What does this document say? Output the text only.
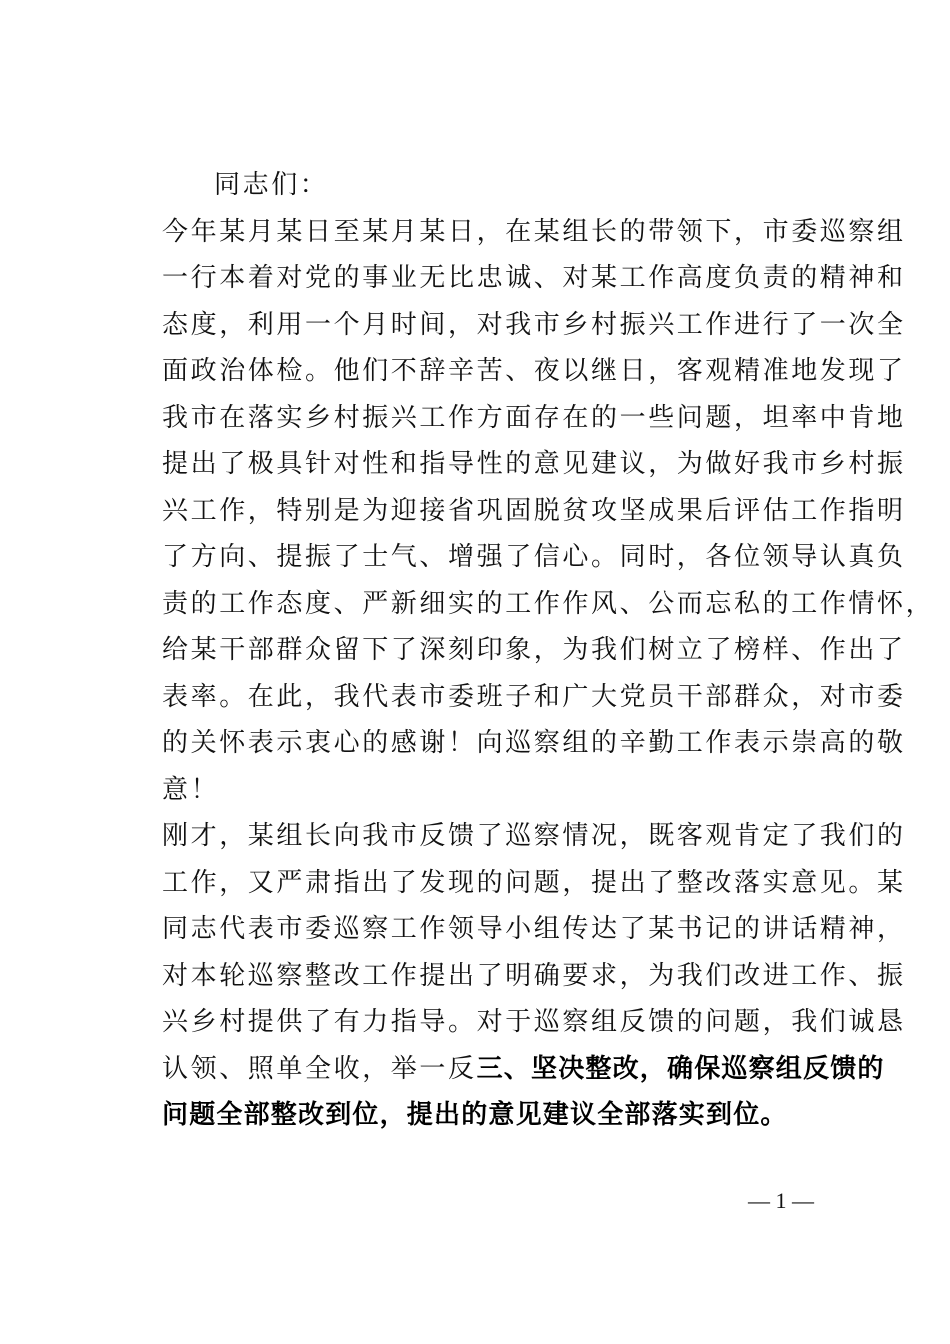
同志们：
今年某月某日至某月某日，在某组长的带领下，市委巡察组
一行本着对党的事业无比忠诚、对某工作高度负责的精神和
态度，利用一个月时间，对我市乡村振兴工作进行了一次全
面政治体检。他们不辞辛苦、夜以继日，客观精准地发现了
我市在落实乡村振兴工作方面存在的一些问题，坦率中肯地
提出了极具针对性和指导性的意见建议，为做好我市乡村振
兴工作，特别是为迎接省巩固脱贫攻坚成果后评估工作指明
了方向、提振了士气、增强了信心。同时，各位领导认真负
责的工作态度、严新细实的工作作风、公而忘私的工作情怀，
给某干部群众留下了深刻印象，为我们树立了榜样、作出了
表率。在此，我代表市委班子和广大党员干部群众，对市委
的关怀表示衷心的感谢！向巡察组的辛勤工作表示崇高的敬
意！
刚才，某组长向我市反馈了巡察情况，既客观肯定了我们的
工作，又严肃指出了发现的问题，提出了整改落实意见。某
同志代表市委巡察工作领导小组传达了某书记的讲话精神，
对本轮巡察整改工作提出了明确要求，为我们改进工作、振
兴乡村提供了有力指导。对于巡察组反馈的问题，我们诚恳
认领、照单全收，举一反三、坚决整改，确保巡察组反馈的
问题全部整改到位，提出的意见建议全部落实到位。
— 1 —
